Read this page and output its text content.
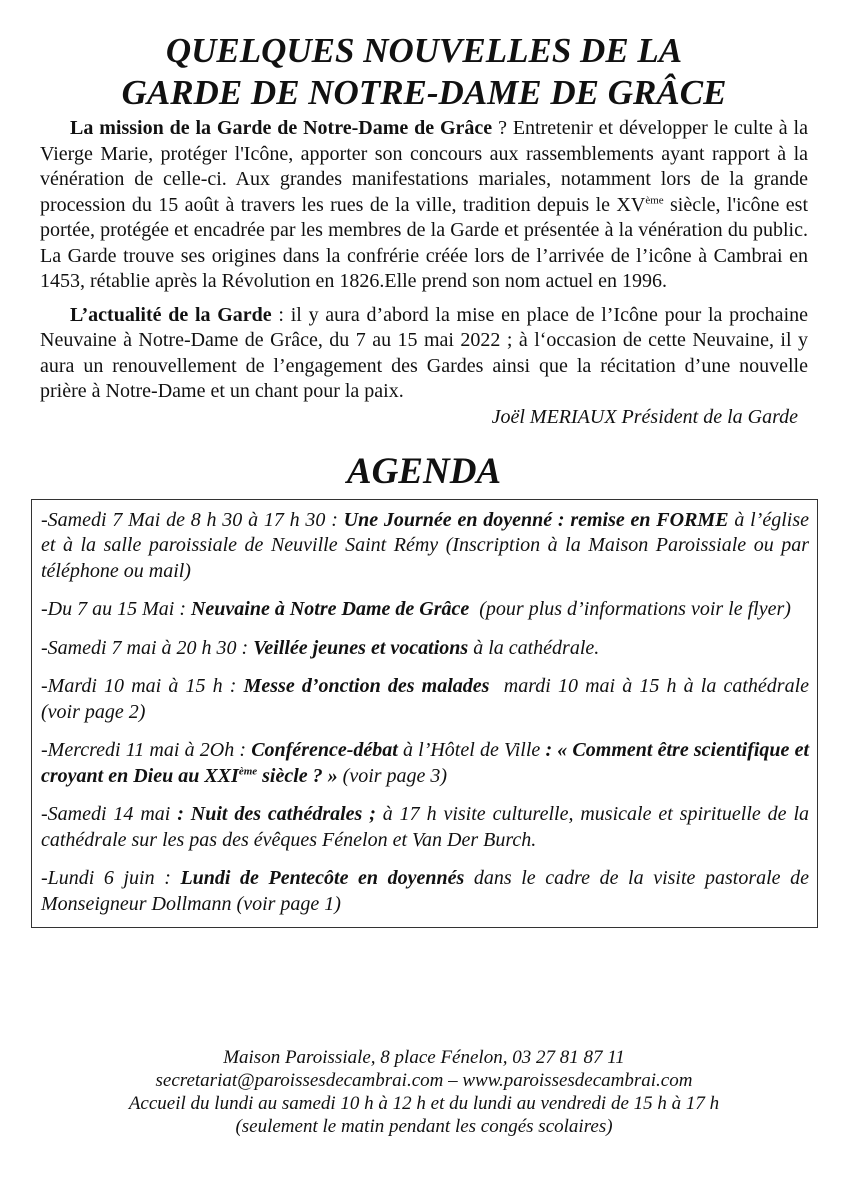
QUELQUES NOUVELLES DE LA
GARDE DE NOTRE-DAME DE GRÂCE

La mission de la Garde de Notre-Dame de Grâce ? Entretenir et développer le culte à la Vierge Marie, protéger l'Icône, apporter son concours aux rassemblements ayant rapport à la vénération de celle-ci. Aux grandes manifestations mariales, notamment lors de la grande procession du 15 août à travers les rues de la ville, tradition depuis le XVème siècle, l'icône est portée, protégée et encadrée par les membres de la Garde et présentée à la vénération du public. La Garde trouve ses origines dans la confrérie créée lors de l’arrivée de l’icône à Cambrai en 1453, rétablie après la Révolution en 1826.Elle prend son nom actuel en 1996.

L’actualité de la Garde : il y aura d’abord la mise en place de l’Icône pour la prochaine Neuvaine à Notre-Dame de Grâce, du 7 au 15 mai 2022 ; à l‘occasion de cette Neuvaine, il y aura un renouvellement de l’engagement des Gardes ainsi que la récitation d’une nouvelle prière à Notre-Dame et un chant pour la paix.

Joël MERIAUX Président de la Garde
AGENDA

-Samedi 7 Mai de 8 h 30 à 17 h 30 : Une Journée en doyenné : remise en FORME à l’église et à la salle paroissiale de Neuville Saint Rémy (Inscription à la Maison Paroissiale ou par téléphone ou mail)

-Du 7 au 15 Mai : Neuvaine à Notre Dame de Grâce  (pour plus d’informations voir le flyer)

-Samedi 7 mai à 20 h 30 : Veillée jeunes et vocations à la cathédrale.

-Mardi 10 mai à 15 h : Messe d’onction des malades  mardi 10 mai à 15 h à la cathédrale (voir page 2)

-Mercredi 11 mai à 2Oh : Conférence-débat à l’Hôtel de Ville : « Comment être scientifique et croyant en Dieu au XXIème siècle ? » (voir page 3)

-Samedi 14 mai : Nuit des cathédrales ; à 17 h visite culturelle, musicale et spirituelle de la cathédrale sur les pas des évêques Fénelon et Van Der Burch.

-Lundi 6 juin : Lundi de Pentecôte en doyennés dans le cadre de la visite pastorale de Monseigneur Dollmann (voir page 1)

Maison Paroissiale, 8 place Fénelon, 03 27 81 87 11
secretariat@paroissesdecambrai.com – www.paroissesdecambrai.com
Accueil du lundi au samedi 10 h à 12 h et du lundi au vendredi de 15 h à 17 h
(seulement le matin pendant les congés scolaires)
